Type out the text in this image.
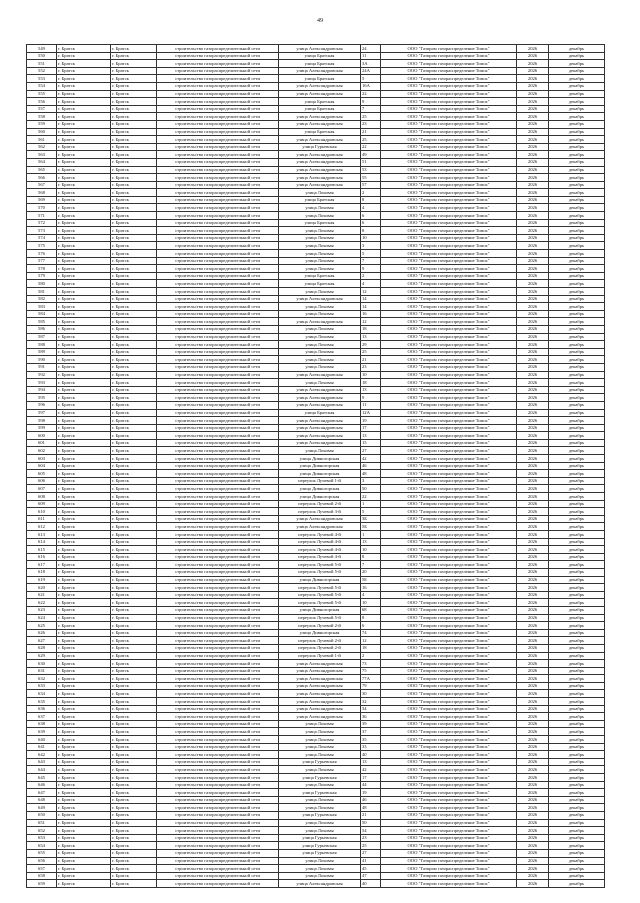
49
549	г. Братск	г. Братск	строительство газораспределительной сети	улица Александровская	24	ООО "Газпром газораспределение Томск"	2026	декабрь
550	г. Братск	г. Братск	строительство газораспределительной сети	улица Братская	11	ООО "Газпром газораспределение Томск"	2026	декабрь
551	г. Братск	г. Братск	строительство газораспределительной сети	улица Братская	3А	ООО "Газпром газораспределение Томск"	2026	декабрь
552	г. Братск	г. Братск	строительство газораспределительной сети	улица Александровская	24А	ООО "Газпром газораспределение Томск"	2026	декабрь
553	г. Братск	г. Братск	строительство газораспределительной сети	улица Братская	5	ООО "Газпром газораспределение Томск"	2026	декабрь
554	г. Братск	г. Братск	строительство газораспределительной сети	улица Александровская	16А	ООО "Газпром газораспределение Томск"	2026	декабрь
555	г. Братск	г. Братск	строительство газораспределительной сети	улица Александровская	22	ООО "Газпром газораспределение Томск"	2026	декабрь
556	г. Братск	г. Братск	строительство газораспределительной сети	улица Братская	9	ООО "Газпром газораспределение Томск"	2026	декабрь
557	г. Братск	г. Братск	строительство газораспределительной сети	улица Братская	7	ООО "Газпром газораспределение Томск"	2026	декабрь
558	г. Братск	г. Братск	строительство газораспределительной сети	улица Александровская	25	ООО "Газпром газораспределение Томск"	2026	декабрь
559	г. Братск	г. Братск	строительство газораспределительной сети	улица Александровская	23	ООО "Газпром газораспределение Томск"	2026	декабрь
560	г. Братск	г. Братск	строительство газораспределительной сети	улица Братская	21	ООО "Газпром газораспределение Томск"	2026	декабрь
561	г. Братск	г. Братск	строительство газораспределительной сети	улица Александровская	25	ООО "Газпром газораспределение Томск"	2026	декабрь
562	г. Братск	г. Братск	строительство газораспределительной сети	улица Гурьевская	22	ООО "Газпром газораспределение Томск"	2026	декабрь
563	г. Братск	г. Братск	строительство газораспределительной сети	улица Александровская	49	ООО "Газпром газораспределение Томск"	2026	декабрь
564	г. Братск	г. Братск	строительство газораспределительной сети	улица Александровская	51	ООО "Газпром газораспределение Томск"	2026	декабрь
565	г. Братск	г. Братск	строительство газораспределительной сети	улица Александровская	53	ООО "Газпром газораспределение Томск"	2026	декабрь
566	г. Братск	г. Братск	строительство газораспределительной сети	улица Александровская	55	ООО "Газпром газораспределение Томск"	2026	декабрь
567	г. Братск	г. Братск	строительство газораспределительной сети	улица Александровская	57	ООО "Газпром газораспределение Томск"	2026	декабрь
568	г. Братск	г. Братск	строительство газораспределительной сети	улица Лоховая	2	ООО "Газпром газораспределение Томск"	2026	декабрь
569	г. Братск	г. Братск	строительство газораспределительной сети	улица Братская	8	ООО "Газпром газораспределение Томск"	2026	декабрь
570	г. Братск	г. Братск	строительство газораспределительной сети	улица Лоховая	4	ООО "Газпром газораспределение Томск"	2026	декабрь
571	г. Братск	г. Братск	строительство газораспределительной сети	улица Лоховая	6	ООО "Газпром газораспределение Томск"	2026	декабрь
572	г. Братск	г. Братск	строительство газораспределительной сети	улица Братская	6	ООО "Газпром газораспределение Томск"	2026	декабрь
573	г. Братск	г. Братск	строительство газораспределительной сети	улица Лоховая	8	ООО "Газпром газораспределение Томск"	2026	декабрь
574	г. Братск	г. Братск	строительство газораспределительной сети	улица Лоховая	10	ООО "Газпром газораспределение Томск"	2026	декабрь
575	г. Братск	г. Братск	строительство газораспределительной сети	улица Лоховая	3	ООО "Газпром газораспределение Томск"	2026	декабрь
576	г. Братск	г. Братск	строительство газораспределительной сети	улица Лоховая	5	ООО "Газпром газораспределение Томск"	2026	декабрь
577	г. Братск	г. Братск	строительство газораспределительной сети	улица Лоховая	7	ООО "Газпром газораспределение Томск"	2026	декабрь
578	г. Братск	г. Братск	строительство газораспределительной сети	улица Лоховая	9	ООО "Газпром газораспределение Томск"	2026	декабрь
579	г. Братск	г. Братск	строительство газораспределительной сети	улица Братская	2	ООО "Газпром газораспределение Томск"	2026	декабрь
580	г. Братск	г. Братск	строительство газораспределительной сети	улица Братская	4	ООО "Газпром газораспределение Томск"	2026	декабрь
581	г. Братск	г. Братск	строительство газораспределительной сети	улица Лоховая	12	ООО "Газпром газораспределение Томск"	2026	декабрь
582	г. Братск	г. Братск	строительство газораспределительной сети	улица Александровская	14	ООО "Газпром газораспределение Томск"	2026	декабрь
583	г. Братск	г. Братск	строительство газораспределительной сети	улица Лоховая	14	ООО "Газпром газораспределение Томск"	2026	декабрь
584	г. Братск	г. Братск	строительство газораспределительной сети	улица Лоховая	16	ООО "Газпром газораспределение Томск"	2026	декабрь
585	г. Братск	г. Братск	строительство газораспределительной сети	улица Александровская	12	ООО "Газпром газораспределение Томск"	2026	декабрь
586	г. Братск	г. Братск	строительство газораспределительной сети	улица Лоховая	18	ООО "Газпром газораспределение Томск"	2026	декабрь
587	г. Братск	г. Братск	строительство газораспределительной сети	улица Лоховая	13	ООО "Газпром газораспределение Томск"	2026	декабрь
588	г. Братск	г. Братск	строительство газораспределительной сети	улица Лоховая	29	ООО "Газпром газораспределение Томск"	2026	декабрь
589	г. Братск	г. Братск	строительство газораспределительной сети	улица Лоховая	25	ООО "Газпром газораспределение Томск"	2026	декабрь
590	г. Братск	г. Братск	строительство газораспределительной сети	улица Лоховая	21	ООО "Газпром газораспределение Томск"	2026	декабрь
591	г. Братск	г. Братск	строительство газораспределительной сети	улица Лоховая	23	ООО "Газпром газораспределение Томск"	2026	декабрь
592	г. Братск	г. Братск	строительство газораспределительной сети	улица Александровская	10	ООО "Газпром газораспределение Томск"	2026	декабрь
593	г. Братск	г. Братск	строительство газораспределительной сети	улица Лоховая	18	ООО "Газпром газораспределение Томск"	2026	декабрь
594	г. Братск	г. Братск	строительство газораспределительной сети	улица Александровская	13	ООО "Газпром газораспределение Томск"	2026	декабрь
595	г. Братск	г. Братск	строительство газораспределительной сети	улица Александровская	9	ООО "Газпром газораспределение Томск"	2026	декабрь
596	г. Братск	г. Братск	строительство газораспределительной сети	улица Александровская	11	ООО "Газпром газораспределение Томск"	2026	декабрь
597	г. Братск	г. Братск	строительство газораспределительной сети	улица Братская	12А	ООО "Газпром газораспределение Томск"	2026	декабрь
598	г. Братск	г. Братск	строительство газораспределительной сети	улица Александровская	19	ООО "Газпром газораспределение Томск"	2026	декабрь
599	г. Братск	г. Братск	строительство газораспределительной сети	улица Александровская	17	ООО "Газпром газораспределение Томск"	2026	декабрь
600	г. Братск	г. Братск	строительство газораспределительной сети	улица Александровская	13	ООО "Газпром газораспределение Томск"	2026	декабрь
601	г. Братск	г. Братск	строительство газораспределительной сети	улица Александровская	15	ООО "Газпром газораспределение Томск"	2026	декабрь
602	г. Братск	г. Братск	строительство газораспределительной сети	улица Лоховая	27	ООО "Газпром газораспределение Томск"	2026	декабрь
603	г. Братск	г. Братск	строительство газораспределительной сети	улица Дивногорская	42	ООО "Газпром газораспределение Томск"	2026	декабрь
604	г. Братск	г. Братск	строительство газораспределительной сети	улица Дивногорская	46	ООО "Газпром газораспределение Томск"	2026	декабрь
605	г. Братск	г. Братск	строительство газораспределительной сети	улица Дивногорская	48	ООО "Газпром газораспределение Томск"	2026	декабрь
606	г. Братск	г. Братск	строительство газораспределительной сети	переулок Лучевой 1-й	3	ООО "Газпром газораспределение Томск"	2026	декабрь
607	г. Братск	г. Братск	строительство газораспределительной сети	улица Дивногорская	50	ООО "Газпром газораспределение Томск"	2026	декабрь
608	г. Братск	г. Братск	строительство газораспределительной сети	улица Дивногорская	22	ООО "Газпром газораспределение Томск"	2026	декабрь
609	г. Братск	г. Братск	строительство газораспределительной сети	переулок Лучевой 2-й	1	ООО "Газпром газораспределение Томск"	2026	декабрь
610	г. Братск	г. Братск	строительство газораспределительной сети	переулок Лучевой 3-й	5	ООО "Газпром газораспределение Томск"	2026	декабрь
611	г. Братск	г. Братск	строительство газораспределительной сети	улица Александровская	3Б	ООО "Газпром газораспределение Томск"	2026	декабрь
612	г. Братск	г. Братск	строительство газораспределительной сети	улица Александровская	5Б	ООО "Газпром газораспределение Томск"	2026	декабрь
613	г. Братск	г. Братск	строительство газораспределительной сети	переулок Лучевой 4-й	1	ООО "Газпром газораспределение Томск"	2026	декабрь
614	г. Братск	г. Братск	строительство газораспределительной сети	переулок Лучевой 4-й	13	ООО "Газпром газораспределение Томск"	2026	декабрь
615	г. Братск	г. Братск	строительство газораспределительной сети	переулок Лучевой 4-й	10	ООО "Газпром газораспределение Томск"	2026	декабрь
616	г. Братск	г. Братск	строительство газораспределительной сети	переулок Лучевой 4-й	8	ООО "Газпром газораспределение Томск"	2026	декабрь
617	г. Братск	г. Братск	строительство газораспределительной сети	переулок Лучевой 5-й	7	ООО "Газпром газораспределение Томск"	2026	декабрь
618	г. Братск	г. Братск	строительство газораспределительной сети	переулок Лучевой 5-й	20	ООО "Газпром газораспределение Томск"	2026	декабрь
619	г. Братск	г. Братск	строительство газораспределительной сети	улица Дивногорская	58	ООО "Газпром газораспределение Томск"	2026	декабрь
620	г. Братск	г. Братск	строительство газораспределительной сети	переулок Лучевой 5-й	16	ООО "Газпром газораспределение Томск"	2026	декабрь
621	г. Братск	г. Братск	строительство газораспределительной сети	переулок Лучевой 5-й	4	ООО "Газпром газораспределение Томск"	2026	декабрь
622	г. Братск	г. Братск	строительство газораспределительной сети	переулок Лучевой 5-й	10	ООО "Газпром газораспределение Томск"	2026	декабрь
623	г. Братск	г. Братск	строительство газораспределительной сети	улица Дивногорская	68	ООО "Газпром газораспределение Томск"	2026	декабрь
624	г. Братск	г. Братск	строительство газораспределительной сети	переулок Лучевой 5-й	8	ООО "Газпром газораспределение Томск"	2026	декабрь
625	г. Братск	г. Братск	строительство газораспределительной сети	переулок Лучевой 2-й	6	ООО "Газпром газораспределение Томск"	2026	декабрь
626	г. Братск	г. Братск	строительство газораспределительной сети	улица Дивногорская	74	ООО "Газпром газораспределение Томск"	2026	декабрь
627	г. Братск	г. Братск	строительство газораспределительной сети	переулок Лучевой 2-й	12	ООО "Газпром газораспределение Томск"	2026	декабрь
628	г. Братск	г. Братск	строительство газораспределительной сети	переулок Лучевой 2-й	18	ООО "Газпром газораспределение Томск"	2026	декабрь
629	г. Братск	г. Братск	строительство газораспределительной сети	переулок Лучевой 1-й	2	ООО "Газпром газораспределение Томск"	2026	декабрь
630	г. Братск	г. Братск	строительство газораспределительной сети	улица Александровская	73	ООО "Газпром газораспределение Томск"	2026	декабрь
631	г. Братск	г. Братск	строительство газораспределительной сети	улица Александровская	75	ООО "Газпром газораспределение Томск"	2026	декабрь
632	г. Братск	г. Братск	строительство газораспределительной сети	улица Александровская	77А	ООО "Газпром газораспределение Томск"	2026	декабрь
633	г. Братск	г. Братск	строительство газораспределительной сети	улица Александровская	79	ООО "Газпром газораспределение Томск"	2026	декабрь
634	г. Братск	г. Братск	строительство газораспределительной сети	улица Александровская	30	ООО "Газпром газораспределение Томск"	2026	декабрь
635	г. Братск	г. Братск	строительство газораспределительной сети	улица Александровская	32	ООО "Газпром газораспределение Томск"	2026	декабрь
636	г. Братск	г. Братск	строительство газораспределительной сети	улица Александровская	34	ООО "Газпром газораспределение Томск"	2026	декабрь
637	г. Братск	г. Братск	строительство газораспределительной сети	улица Александровская	36	ООО "Газпром газораспределение Томск"	2026	декабрь
638	г. Братск	г. Братск	строительство газораспределительной сети	улица Лоховая	39	ООО "Газпром газораспределение Томск"	2026	декабрь
639	г. Братск	г. Братск	строительство газораспределительной сети	улица Лоховая	37	ООО "Газпром газораспределение Томск"	2026	декабрь
640	г. Братск	г. Братск	строительство газораспределительной сети	улица Лоховая	35	ООО "Газпром газораспределение Томск"	2026	декабрь
641	г. Братск	г. Братск	строительство газораспределительной сети	улица Лоховая	33	ООО "Газпром газораспределение Томск"	2026	декабрь
642	г. Братск	г. Братск	строительство газораспределительной сети	улица Лоховая	40	ООО "Газпром газораспределение Томск"	2026	декабрь
643	г. Братск	г. Братск	строительство газораспределительной сети	улица Гурьевская	13	ООО "Газпром газораспределение Томск"	2026	декабрь
644	г. Братск	г. Братск	строительство газораспределительной сети	улица Лоховая	42	ООО "Газпром газораспределение Томск"	2026	декабрь
645	г. Братск	г. Братск	строительство газораспределительной сети	улица Гурьевская	17	ООО "Газпром газораспределение Томск"	2026	декабрь
646	г. Братск	г. Братск	строительство газораспределительной сети	улица Лоховая	44	ООО "Газпром газораспределение Томск"	2026	декабрь
647	г. Братск	г. Братск	строительство газораспределительной сети	улица Гурьевская	19	ООО "Газпром газораспределение Томск"	2026	декабрь
648	г. Братск	г. Братск	строительство газораспределительной сети	улица Лоховая	46	ООО "Газпром газораспределение Томск"	2026	декабрь
649	г. Братск	г. Братск	строительство газораспределительной сети	улица Лоховая	48	ООО "Газпром газораспределение Томск"	2026	декабрь
650	г. Братск	г. Братск	строительство газораспределительной сети	улица Гурьевская	21	ООО "Газпром газораспределение Томск"	2026	декабрь
651	г. Братск	г. Братск	строительство газораспределительной сети	улица Лоховая	50	ООО "Газпром газораспределение Томск"	2026	декабрь
652	г. Братск	г. Братск	строительство газораспределительной сети	улица Лоховая	54	ООО "Газпром газораспределение Томск"	2026	декабрь
653	г. Братск	г. Братск	строительство газораспределительной сети	улица Гурьевская	23	ООО "Газпром газораспределение Томск"	2026	декабрь
654	г. Братск	г. Братск	строительство газораспределительной сети	улица Гурьевская	25	ООО "Газпром газораспределение Томск"	2026	декабрь
655	г. Братск	г. Братск	строительство газораспределительной сети	улица Гурьевская	27	ООО "Газпром газораспределение Томск"	2026	декабрь
656	г. Братск	г. Братск	строительство газораспределительной сети	улица Лоховая	41	ООО "Газпром газораспределение Томск"	2026	декабрь
657	г. Братск	г. Братск	строительство газораспределительной сети	улица Лоховая	45	ООО "Газпром газораспределение Томск"	2026	декабрь
658	г. Братск	г. Братск	строительство газораспределительной сети	улица Лоховая	47	ООО "Газпром газораспределение Томск"	2026	декабрь
659	г. Братск	г. Братск	строительство газораспределительной сети	улица Александровская	40	ООО "Газпром газораспределение Томск"	2026	декабрь
